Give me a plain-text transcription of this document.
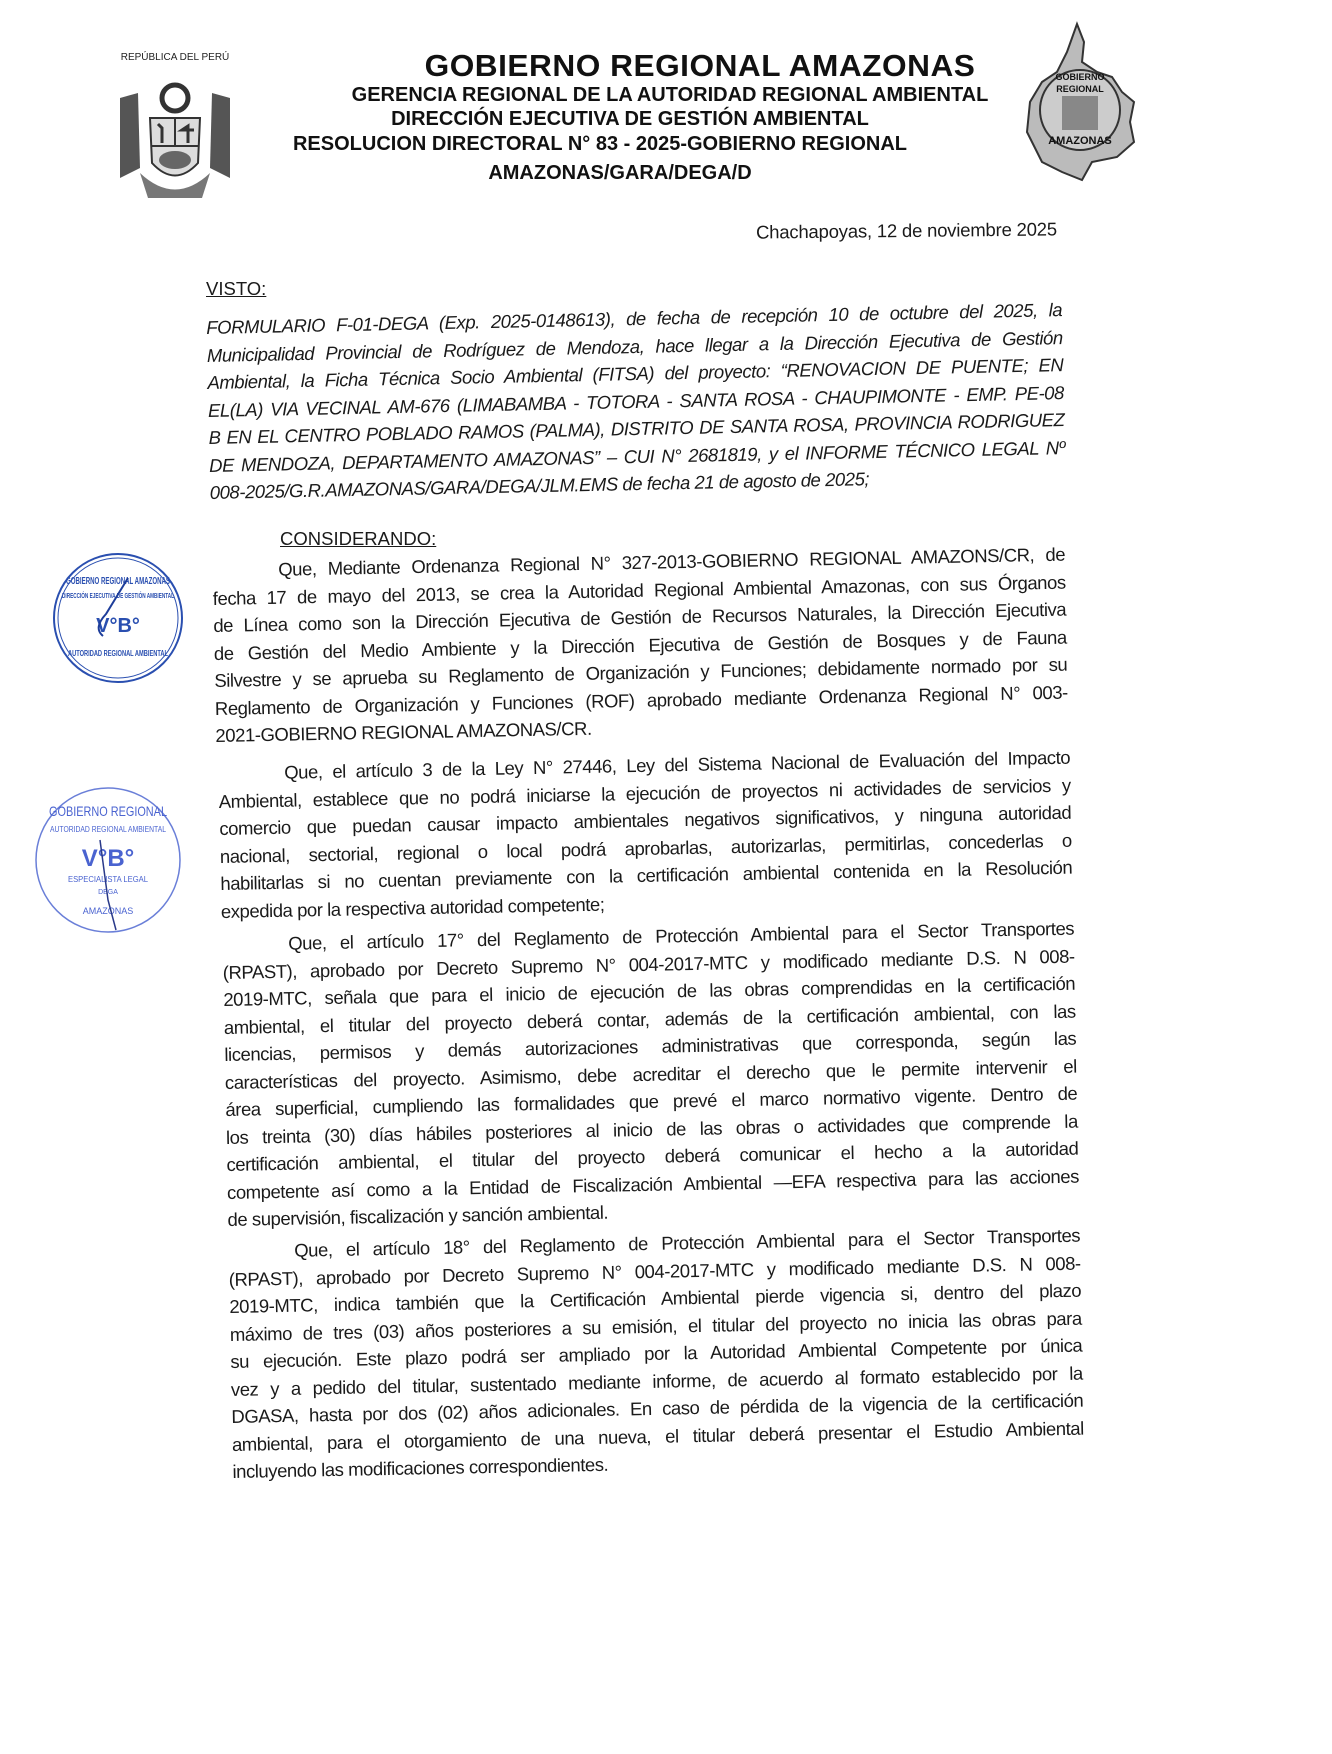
REPÚBLICA DEL PERÚ
GOBIERNO
REGIONAL
AMAZONAS
GOBIERNO REGIONAL AMAZONAS
GERENCIA REGIONAL DE LA AUTORIDAD REGIONAL AMBIENTAL
DIRECCIÓN EJECUTIVA DE GESTIÓN AMBIENTAL
RESOLUCION DIRECTORAL N° 83 - 2025-GOBIERNO REGIONAL
AMAZONAS/GARA/DEGA/D
Chachapoyas, 12 de noviembre 2025
VISTO:
FORMULARIO F-01-DEGA (Exp. 2025-0148613), de fecha de recepción 10 de octubre del 2025, la
Municipalidad Provincial de Rodríguez de Mendoza, hace llegar a la Dirección Ejecutiva de Gestión
Ambiental, la Ficha Técnica Socio Ambiental (FITSA) del proyecto: “RENOVACION DE PUENTE; EN
EL(LA) VIA VECINAL AM-676 (LIMABAMBA - TOTORA - SANTA ROSA - CHAUPIMONTE - EMP. PE-08
B EN EL CENTRO POBLADO RAMOS (PALMA), DISTRITO DE SANTA ROSA, PROVINCIA RODRIGUEZ
DE MENDOZA, DEPARTAMENTO AMAZONAS” – CUI N° 2681819, y el INFORME TÉCNICO LEGAL Nº
008-2025/G.R.AMAZONAS/GARA/DEGA/JLM.EMS de fecha 21 de agosto de 2025;
CONSIDERANDO:
Que, Mediante Ordenanza Regional N° 327-2013-GOBIERNO REGIONAL AMAZONS/CR, de
fecha 17 de mayo del 2013, se crea la Autoridad Regional Ambiental Amazonas, con sus Órganos
de Línea como son la Dirección Ejecutiva de Gestión de Recursos Naturales, la Dirección Ejecutiva
de Gestión del Medio Ambiente y la Dirección Ejecutiva de Gestión de Bosques y de Fauna
Silvestre y se aprueba su Reglamento de Organización y Funciones; debidamente normado por su
Reglamento de Organización y Funciones (ROF) aprobado mediante Ordenanza Regional N° 003-
2021-GOBIERNO REGIONAL AMAZONAS/CR.
Que, el artículo 3 de la Ley N° 27446, Ley del Sistema Nacional de Evaluación del Impacto
Ambiental, establece que no podrá iniciarse la ejecución de proyectos ni actividades de servicios y
comercio que puedan causar impacto ambientales negativos significativos, y ninguna autoridad
nacional, sectorial, regional o local podrá aprobarlas, autorizarlas, permitirlas, concederlas o
habilitarlas si no cuentan previamente con la certificación ambiental contenida en la Resolución
expedida por la respectiva autoridad competente;
Que, el artículo 17° del Reglamento de Protección Ambiental para el Sector Transportes
(RPAST), aprobado por Decreto Supremo N° 004-2017-MTC y modificado mediante D.S. N 008-
2019-MTC, señala que para el inicio de ejecución de las obras comprendidas en la certificación
ambiental, el titular del proyecto deberá contar, además de la certificación ambiental, con las
licencias, permisos y demás autorizaciones administrativas que corresponda, según las
características del proyecto. Asimismo, debe acreditar el derecho que le permite intervenir el
área superficial, cumpliendo las formalidades que prevé el marco normativo vigente. Dentro de
los treinta (30) días hábiles posteriores al inicio de las obras o actividades que comprende la
certificación ambiental, el titular del proyecto deberá comunicar el hecho a la autoridad
competente así como a la Entidad de Fiscalización Ambiental —EFA respectiva para las acciones
de supervisión, fiscalización y sanción ambiental.
Que, el artículo 18° del Reglamento de Protección Ambiental para el Sector Transportes
(RPAST), aprobado por Decreto Supremo N° 004-2017-MTC y modificado mediante D.S. N 008-
2019-MTC, indica también que la Certificación Ambiental pierde vigencia si, dentro del plazo
máximo de tres (03) años posteriores a su emisión, el titular del proyecto no inicia las obras para
su ejecución. Este plazo podrá ser ampliado por la Autoridad Ambiental Competente por única
vez y a pedido del titular, sustentado mediante informe, de acuerdo al formato establecido por la
DGASA, hasta por dos (02) años adicionales. En caso de pérdida de la vigencia de la certificación
ambiental, para el otorgamiento de una nueva, el titular deberá presentar el Estudio Ambiental
incluyendo las modificaciones correspondientes.
GOBIERNO REGIONAL AMAZONAS
DIRECCIÓN EJECUTIVA DE GESTIÓN AMBIENTAL
V°B°
AUTORIDAD REGIONAL AMBIENTAL
GOBIERNO REGIONAL
AUTORIDAD REGIONAL AMBIENTAL
V°B°
ESPECIALISTA LEGAL
DEGA
AMAZONAS
